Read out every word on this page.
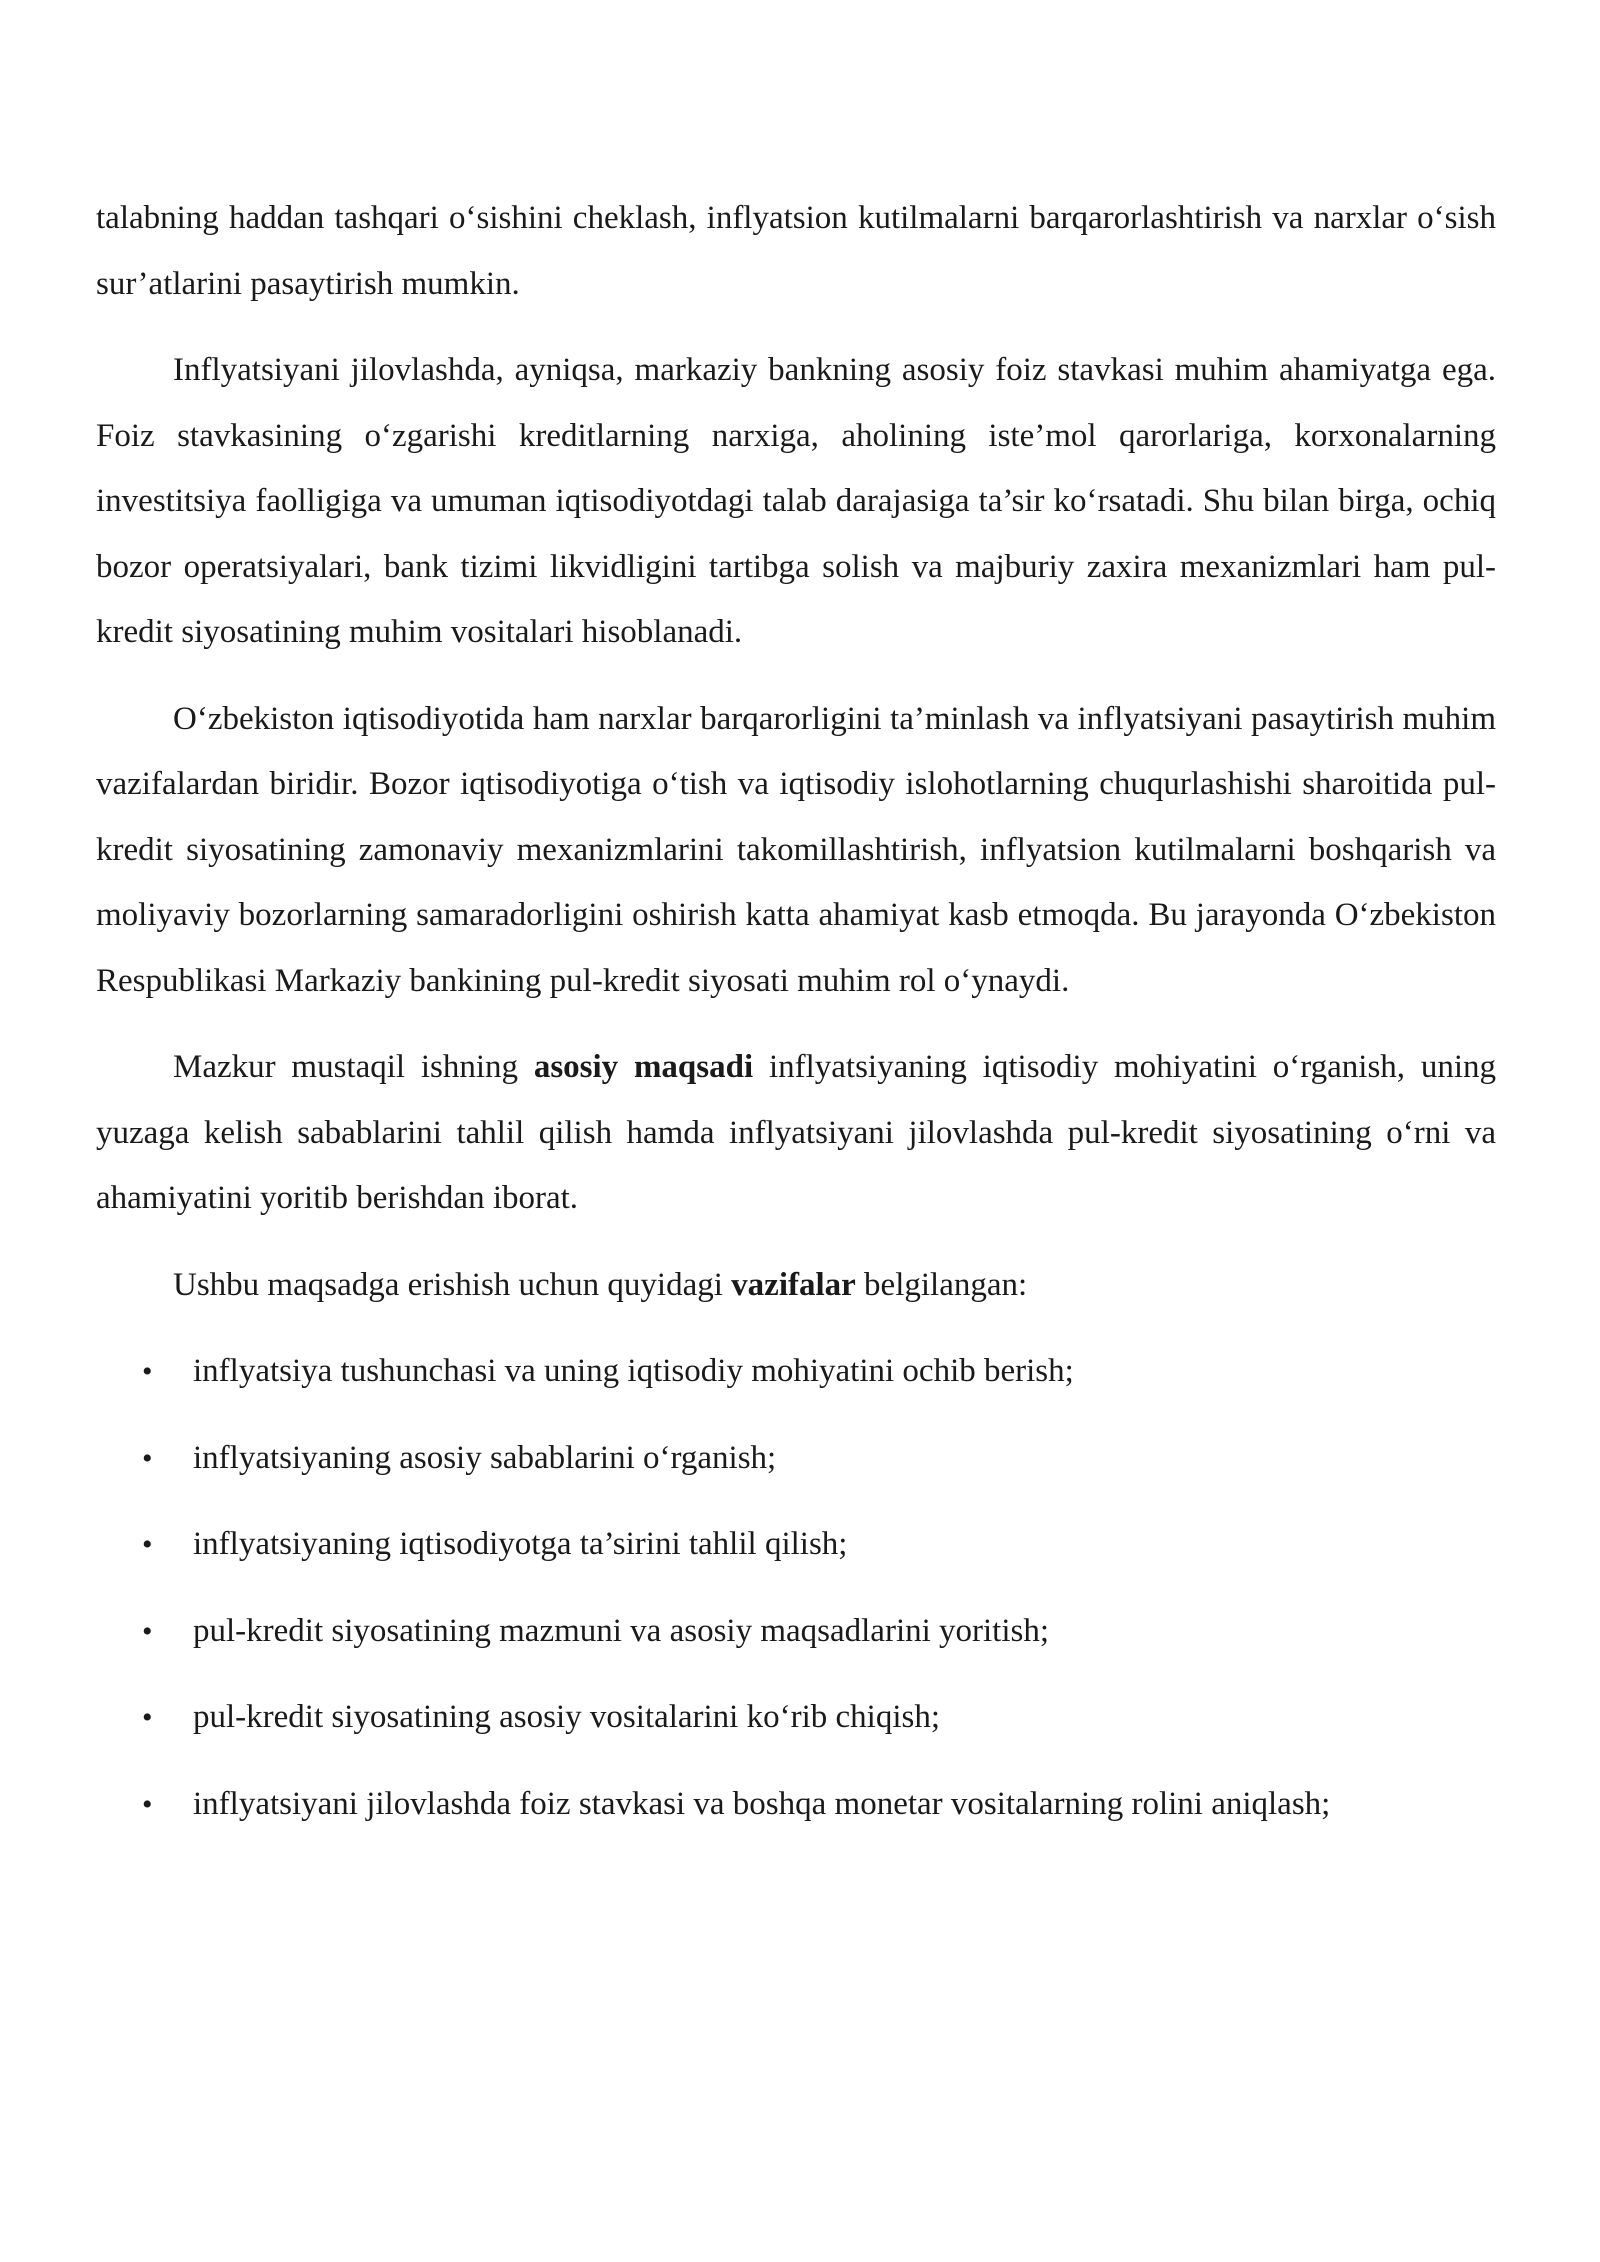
talabning haddan tashqari o‘sishini cheklash, inflyatsion kutilmalarni barqarorlashtirish va narxlar o‘sish sur’atlarini pasaytirish mumkin.

Inflyatsiyani jilovlashda, ayniqsa, markaziy bankning asosiy foiz stavkasi muhim ahamiyatga ega. Foiz stavkasining o‘zgarishi kreditlarning narxiga, aholining iste’mol qarorlariga, korxonalarning investitsiya faolligiga va umuman iqtisodiyotdagi talab darajasiga ta’sir ko‘rsatadi. Shu bilan birga, ochiq bozor operatsiyalari, bank tizimi likvidligini tartibga solish va majburiy zaxira mexanizmlari ham pul-kredit siyosatining muhim vositalari hisoblanadi.

O‘zbekiston iqtisodiyotida ham narxlar barqarorligini ta’minlash va inflyatsiyani pasaytirish muhim vazifalardan biridir. Bozor iqtisodiyotiga o‘tish va iqtisodiy islohotlarning chuqurlashishi sharoitida pul-kredit siyosatining zamonaviy mexanizmlarini takomillashtirish, inflyatsion kutilmalarni boshqarish va moliyaviy bozorlarning samaradorligini oshirish katta ahamiyat kasb etmoqda. Bu jarayonda O‘zbekiston Respublikasi Markaziy bankining pul-kredit siyosati muhim rol o‘ynaydi.

Mazkur mustaqil ishning asosiy maqsadi inflyatsiyaning iqtisodiy mohiyatini o‘rganish, uning yuzaga kelish sabablarini tahlil qilish hamda inflyatsiyani jilovlashda pul-kredit siyosatining o‘rni va ahamiyatini yoritib berishdan iborat.

Ushbu maqsadga erishish uchun quyidagi vazifalar belgilangan:

• inflyatsiya tushunchasi va uning iqtisodiy mohiyatini ochib berish;
• inflyatsiyaning asosiy sabablarini o‘rganish;
• inflyatsiyaning iqtisodiyotga ta’sirini tahlil qilish;
• pul-kredit siyosatining mazmuni va asosiy maqsadlarini yoritish;
• pul-kredit siyosatining asosiy vositalarini ko‘rib chiqish;
• inflyatsiyani jilovlashda foiz stavkasi va boshqa monetar vositalarning rolini aniqlash;
